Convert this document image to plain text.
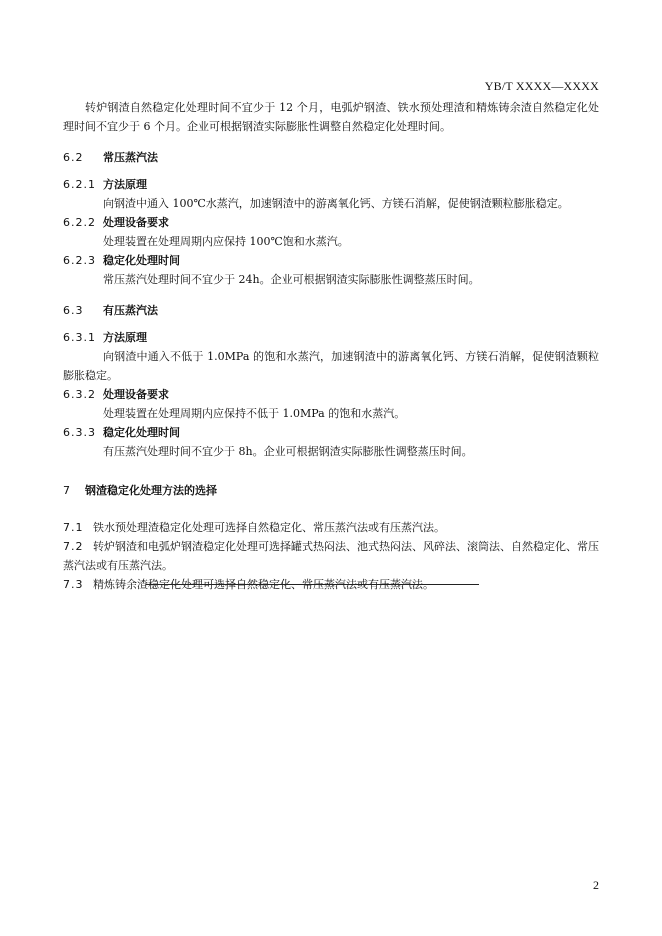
YB/T XXXX—XXXX

转炉钢渣自然稳定化处理时间不宜少于 12 个月，电弧炉钢渣、铁水预处理渣和精炼铸余渣自然稳定化处理时间不宜少于 6 个月。企业可根据钢渣实际膨胀性调整自然稳定化处理时间。

6.2 常压蒸汽法
6.2.1 方法原理

向钢渣中通入 100℃水蒸汽，加速钢渣中的游离氧化钙、方镁石消解，促使钢渣颗粒膨胀稳定。

6.2.2 处理设备要求

处理装置在处理周期内应保持 100℃饱和水蒸汽。

6.2.3 稳定化处理时间

常压蒸汽处理时间不宜少于 24h。企业可根据钢渣实际膨胀性调整蒸压时间。

6.3 有压蒸汽法
6.3.1 方法原理

向钢渣中通入不低于 1.0MPa 的饱和水蒸汽，加速钢渣中的游离氧化钙、方镁石消解，促使钢渣颗粒膨胀稳定。

6.3.2 处理设备要求

处理装置在处理周期内应保持不低于 1.0MPa 的饱和水蒸汽。

6.3.3 稳定化处理时间

有压蒸汽处理时间不宜少于 8h。企业可根据钢渣实际膨胀性调整蒸压时间。

7 钢渣稳定化处理方法的选择

7.1 铁水预处理渣稳定化处理可选择自然稳定化、常压蒸汽法或有压蒸汽法。

7.2 转炉钢渣和电弧炉钢渣稳定化处理可选择罐式热闷法、池式热闷法、风碎法、滚筒法、自然稳定化、常压蒸汽法或有压蒸汽法。

7.3 精炼铸余渣稳定化处理可选择自然稳定化、常压蒸汽法或有压蒸汽法。

2
